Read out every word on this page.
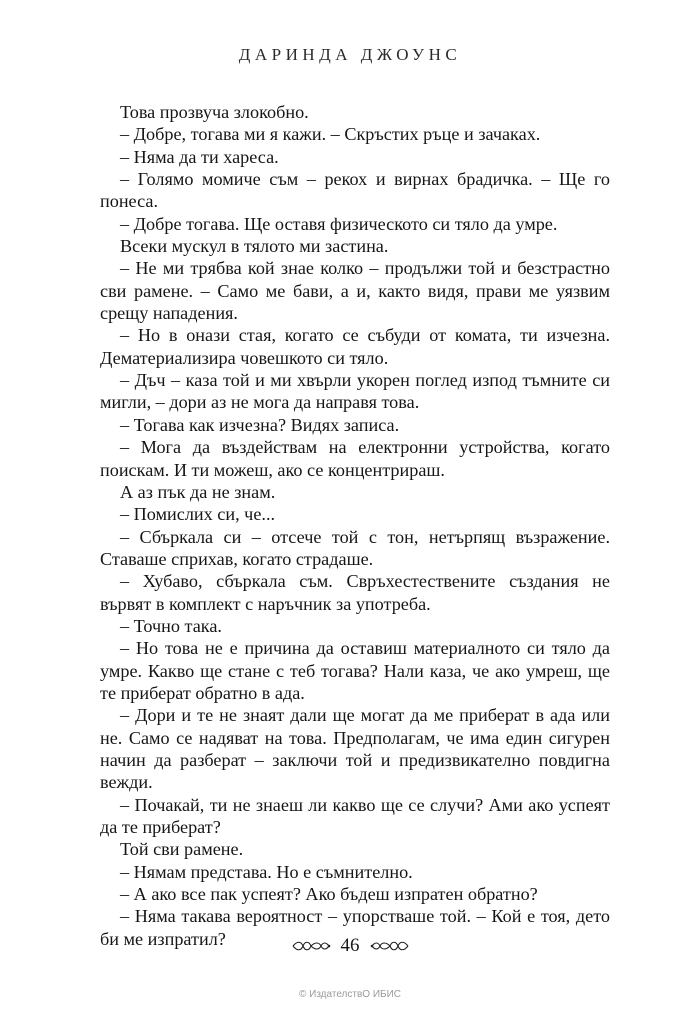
ДАРИНДА ДЖОУНС

Това прозвуча злокобно.

– Добре, тогава ми я кажи. – Скръстих ръце и зачаках.

– Няма да ти хареса.

– Голямо момиче съм – рекох и вирнах брадичка. – Ще го понеса.

– Добре тогава. Ще оставя физическото си тяло да умре.

Всеки мускул в тялото ми застина.

– Не ми трябва кой знае колко – продължи той и безстрастно сви рамене. – Само ме бави, а и, както видя, прави ме уязвим срещу нападения.

– Но в онази стая, когато се събуди от комата, ти изчезна. Дематериализира човешкото си тяло.

– Дъч – каза той и ми хвърли укорен поглед изпод тъмните си мигли, – дори аз не мога да направя това.

– Тогава как изчезна? Видях записа.

– Мога да въздействам на електронни устройства, когато поискам. И ти можеш, ако се концентрираш.

А аз пък да не знам.

– Помислих си, че...

– Сбъркала си – отсече той с тон, нетърпящ възражение. Ставаше сприхав, когато страдаше.

– Хубаво, сбъркала съм. Свръхестествените създания не вървят в комплект с наръчник за употреба.

– Точно така.

– Но това не е причина да оставиш материалното си тяло да умре. Какво ще стане с теб тогава? Нали каза, че ако умреш, ще те приберат обратно в ада.

– Дори и те не знаят дали ще могат да ме приберат в ада или не. Само се надяват на това. Предполагам, че има един сигурен начин да разберат – заключи той и предизвикателно повдигна вежди.

– Почакай, ти не знаеш ли какво ще се случи? Ами ако успеят да те приберат?

Той сви рамене.

– Нямам представа. Но е съмнително.

– А ако все пак успеят? Ако бъдеш изпратен обратно?

– Няма такава вероятност – упорстваше той. – Кой е тоя, дето би ме изпратил?	46
© ИздателствО ИБИС
